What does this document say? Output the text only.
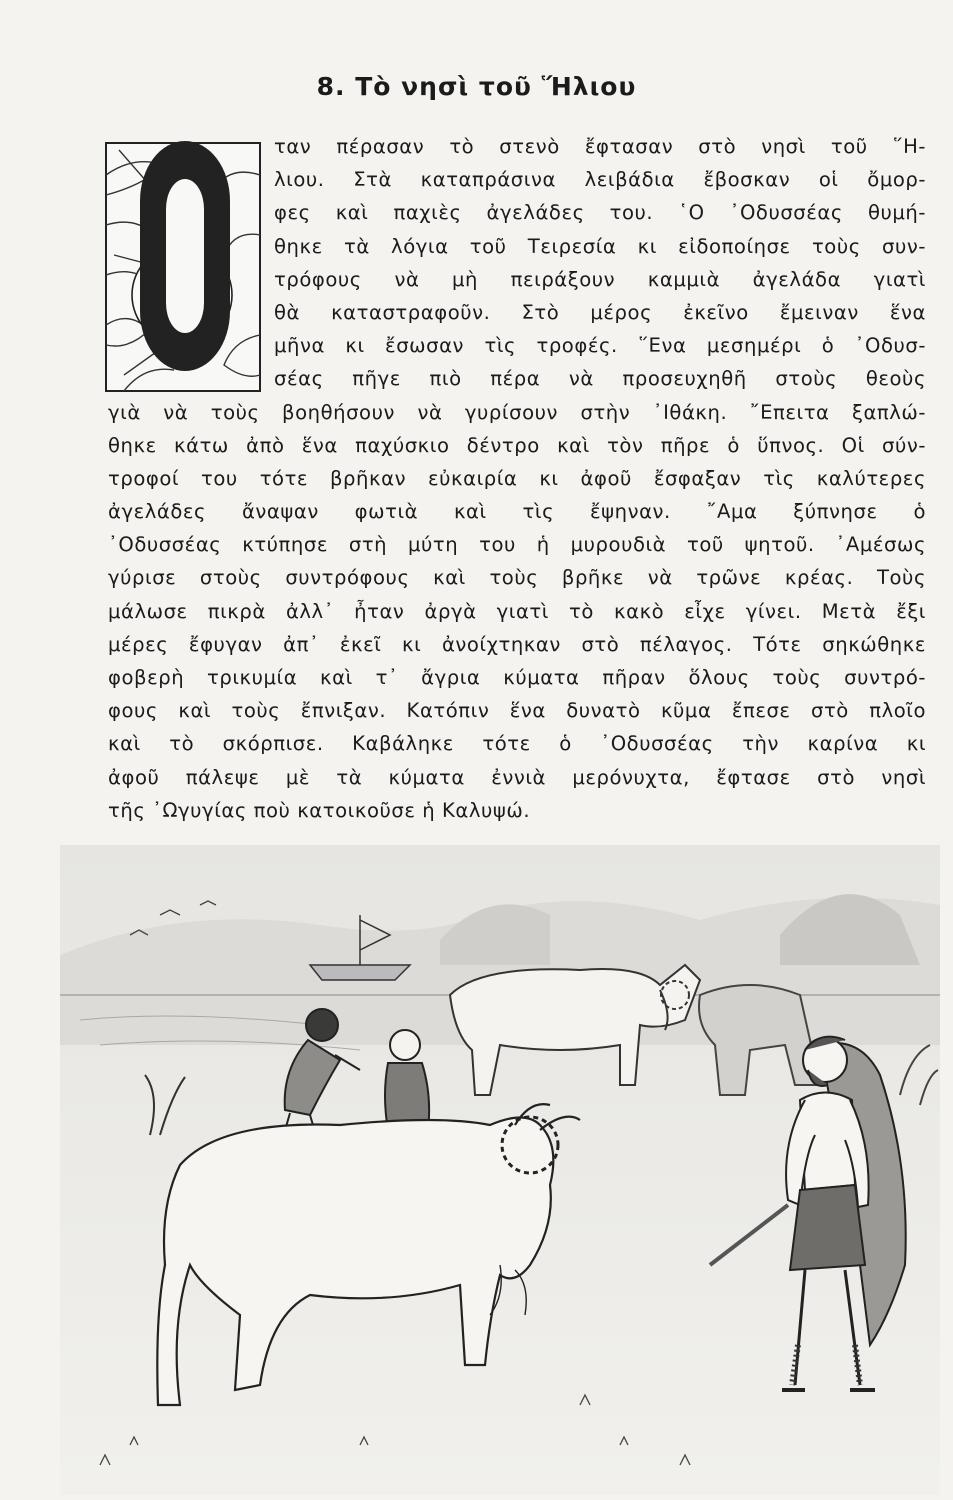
8. Τὸ νησὶ τοῦ Ἥλιου
ταν πέρασαν τὸ στενὸ ἔφτασαν στὸ νησὶ τοῦ ῞Η-
λιου. Στὰ καταπράσινα λειβάδια ἔβοσκαν οἱ ὄμορ-
φες καὶ παχιὲς ἀγελάδες του. ῾Ο ᾿Οδυσσέας θυμή-
θηκε τὰ λόγια τοῦ Τειρεσία κι εἰδοποίησε τοὺς συν-
τρόφους νὰ μὴ πειράξουν καμμιὰ ἀγελάδα γιατὶ
θὰ καταστραφοῦν. Στὸ μέρος ἐκεῖνο ἔμειναν ἕνα
μῆνα κι ἔσωσαν τὶς τροφές. ῞Ενα μεσημέρι ὁ ᾿Οδυσ-
σέας πῆγε πιὸ πέρα νὰ προσευχηθῆ στοὺς θεοὺς
γιὰ νὰ τοὺς βοηθήσουν νὰ γυρίσουν στὴν ᾿Ιθάκη. ῎Επειτα ξαπλώ-
θηκε κάτω ἀπὸ ἕνα παχύσκιο δέντρο καὶ τὸν πῆρε ὁ ὕπνος. Οἱ σύν-
τροφοί του τότε βρῆκαν εὐκαιρία κι ἀφοῦ ἔσφαξαν τὶς καλύτερες
ἀγελάδες ἄναψαν φωτιὰ καὶ τὶς ἔψηναν. ῎Αμα ξύπνησε ὁ
᾿Οδυσσέας κτύπησε στὴ μύτη του ἡ μυρουδιὰ τοῦ ψητοῦ. ᾿Αμέσως
γύρισε στοὺς συντρόφους καὶ τοὺς βρῆκε νὰ τρῶνε κρέας. Τοὺς
μάλωσε πικρὰ ἀλλ᾿ ἦταν ἀργὰ γιατὶ τὸ κακὸ εἶχε γίνει. Μετὰ ἔξι
μέρες ἔφυγαν ἀπ᾿ ἐκεῖ κι ἀνοίχτηκαν στὸ πέλαγος. Τότε σηκώθηκε
φοβερὴ τρικυμία καὶ τ᾿ ἄγρια κύματα πῆραν ὅλους τοὺς συντρό-
φους καὶ τοὺς ἔπνιξαν. Κατόπιν ἕνα δυνατὸ κῦμα ἔπεσε στὸ πλοῖο
καὶ τὸ σκόρπισε. Καβάληκε τότε ὁ ᾿Οδυσσέας τὴν καρίνα κι
ἀφοῦ πάλεψε μὲ τὰ κύματα ἐννιὰ μερόνυχτα, ἔφτασε στὸ νησὶ
τῆς ᾿Ωγυγίας ποὺ κατοικοῦσε ἡ Καλυψώ.
